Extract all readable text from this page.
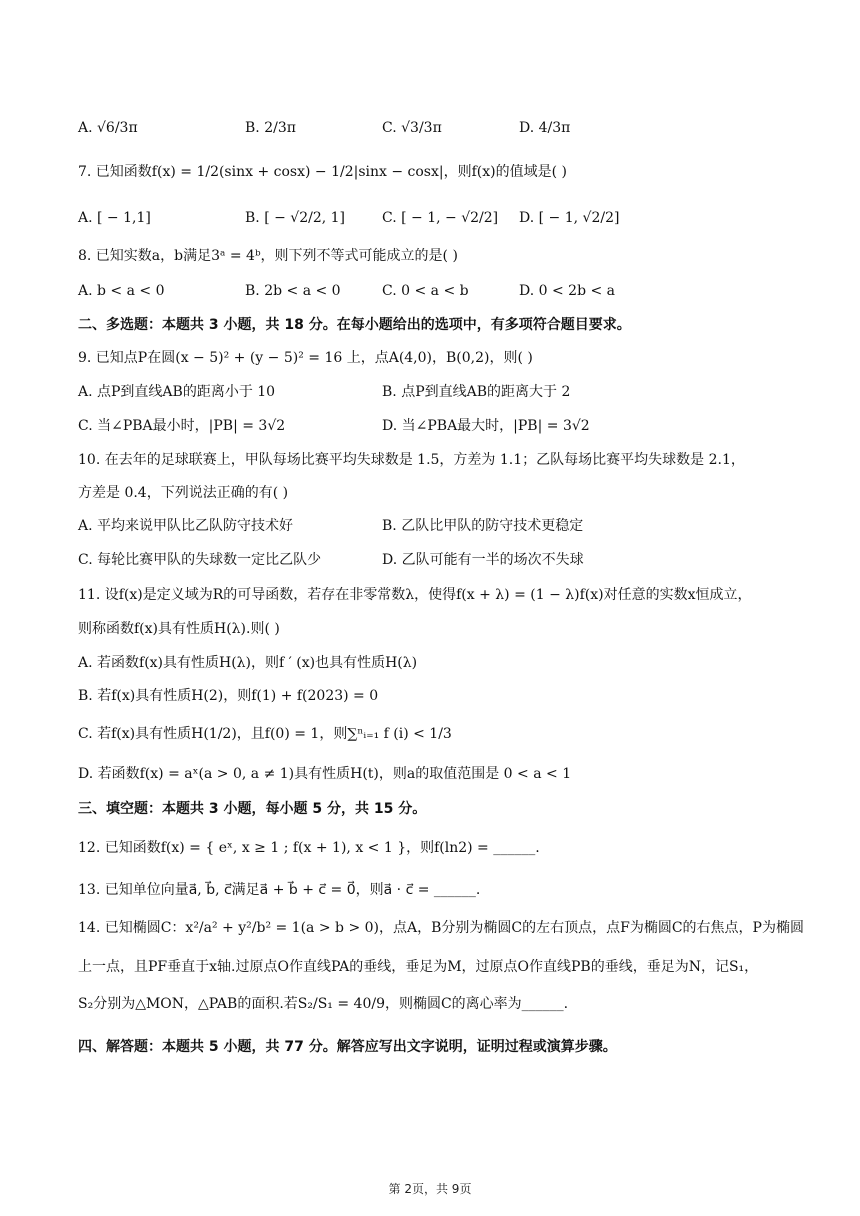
A. √6/3π	B. 2/3π	C. √3/3π	D. 4/3π
7. 已知函数f(x) = 1/2(sinx + cosx) − 1/2|sinx − cosx|，则f(x)的值域是( )
A. [ − 1,1]	B. [ − √2/2, 1]	C. [ − 1, − √2/2] D. [ − 1, √2/2]
8. 已知实数a，b满足3ᵃ = 4ᵇ，则下列不等式可能成立的是( )
A. b < a < 0	B. 2b < a < 0	C. 0 < a < b	D. 0 < 2b < a
二、多选题：本题共 3 小题，共 18 分。在每小题给出的选项中，有多项符合题目要求。
9. 已知点P在圆(x − 5)² + (y − 5)² = 16 上，点A(4,0)，B(0,2)，则( )
A. 点P到直线AB的距离小于 10	B. 点P到直线AB的距离大于 2
C. 当∠PBA最小时，|PB| = 3√2	D. 当∠PBA最大时，|PB| = 3√2
10. 在去年的足球联赛上，甲队每场比赛平均失球数是 1.5，方差为 1.1；乙队每场比赛平均失球数是 2.1，
方差是 0.4，下列说法正确的有( )
A. 平均来说甲队比乙队防守技术好	B. 乙队比甲队的防守技术更稳定
C. 每轮比赛甲队的失球数一定比乙队少	D. 乙队可能有一半的场次不失球
11. 设f(x)是定义域为R的可导函数，若存在非零常数λ，使得f(x + λ) = (1 − λ)f(x)对任意的实数x恒成立，
则称函数f(x)具有性质H(λ).则( )
A. 若函数f(x)具有性质H(λ)，则f ′ (x)也具有性质H(λ)
B. 若f(x)具有性质H(2)，则f(1) + f(2023) = 0
C. 若f(x)具有性质H(1/2)，且f(0) = 1，则∑ⁿᵢ₌₁ f (i) < 1/3
D. 若函数f(x) = aˣ(a > 0, a ≠ 1)具有性质H(t)，则a的取值范围是 0 < a < 1
三、填空题：本题共 3 小题，每小题 5 分，共 15 分。
12. 已知函数f(x) = { eˣ, x ≥ 1 ; f(x + 1), x < 1 }，则f(ln2) = ______.
13. 已知单位向量a⃗, b⃗, c⃗满足a⃗ + b⃗ + c⃗ = 0⃗，则a⃗ · c⃗ = ______.
14. 已知椭圆C：x²/a² + y²/b² = 1(a > b > 0)，点A，B分别为椭圆C的左右顶点，点F为椭圆C的右焦点，P为椭圆
上一点，且PF垂直于x轴.过原点O作直线PA的垂线，垂足为M，过原点O作直线PB的垂线，垂足为N，记S₁，
S₂分别为△MON，△PAB的面积.若S₂/S₁ = 40/9，则椭圆C的离心率为______.
四、解答题：本题共 5 小题，共 77 分。解答应写出文字说明，证明过程或演算步骤。
第 2页，共 9页
